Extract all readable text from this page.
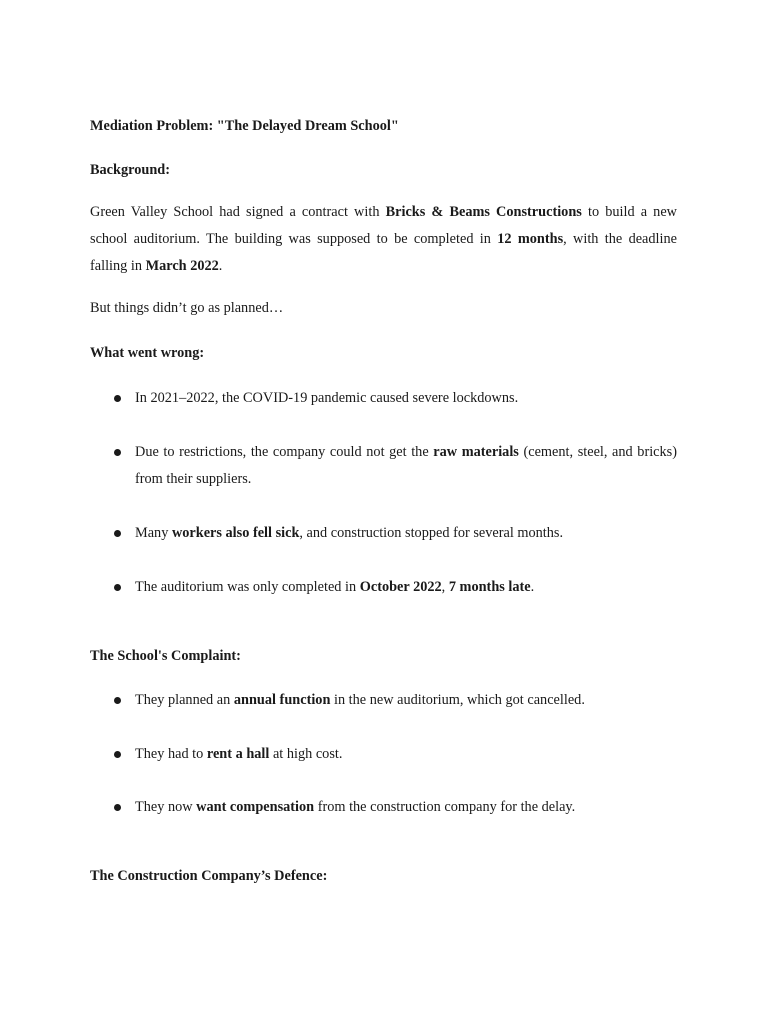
Mediation Problem: "The Delayed Dream School"
Background:

Green Valley School had signed a contract with Bricks & Beams Constructions to build a new school auditorium. The building was supposed to be completed in 12 months, with the deadline falling in March 2022.

But things didn’t go as planned…
What went wrong:

In 2021–2022, the COVID-19 pandemic caused severe lockdowns.

Due to restrictions, the company could not get the raw materials (cement, steel, and bricks) from their suppliers.

Many workers also fell sick, and construction stopped for several months.

The auditorium was only completed in October 2022, 7 months late.

The School's Complaint:

They planned an annual function in the new auditorium, which got cancelled.

They had to rent a hall at high cost.

They now want compensation from the construction company for the delay.

The Construction Company’s Defence:
